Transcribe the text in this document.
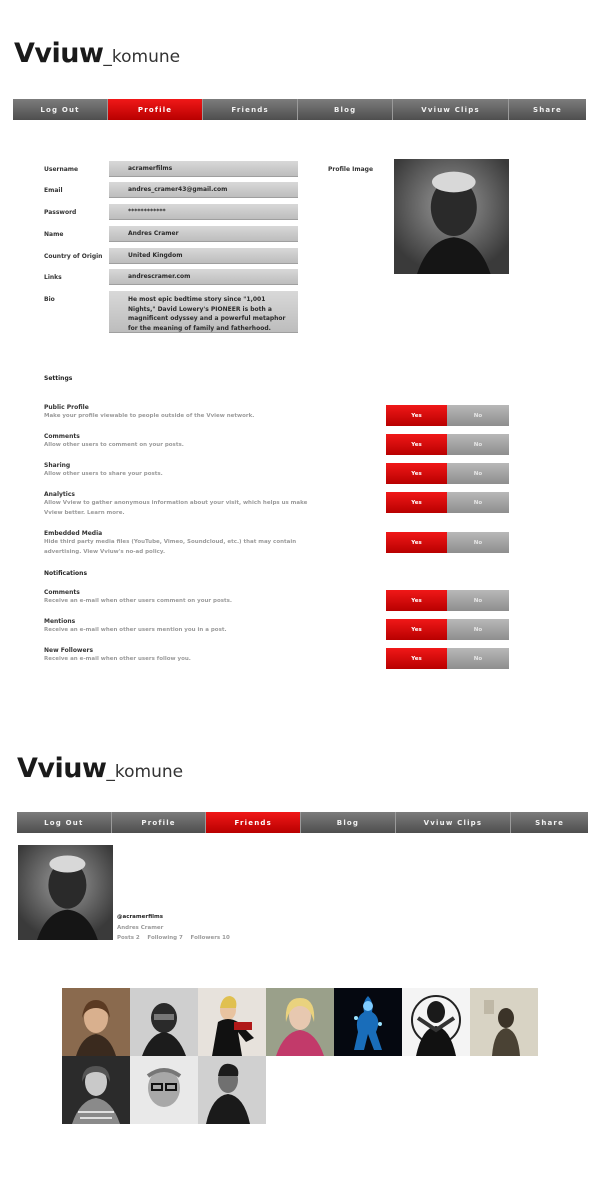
Vviuw _ komune
Log Out	Profile	Friends	Blog	Vviuw Clips	Share
Username	acramerfilms
Email	andres_cramer43@gmail.com
Password	************
Name	Andres Cramer
Country of Origin	United Kingdom
Links	andrescramer.com
Bio	He most epic bedtime story since "1,001 Nights," David Lowery's PIONEER is both a magnificent odyssey and a powerful metaphor for the meaning of family and fatherhood.
Profile Image
Settings
Public Profile
Make your profile viewable to people outside of the Vview network.	Yes	No
Comments
Allow other users to comment on your posts.	Yes	No
Sharing
Allow other users to share your posts.	Yes	No
Analytics
Allow Vview to gather anonymous information about your visit, which helps us make Vview better. Learn more.
Yes	No
Embedded Media
Hide third party media files (YouTube, Vimeo, Soundcloud, etc.) that may contain advertising. View Vviuw's no-ad policy.
Yes	No
Notifications
Comments
Receive an e-mail when other users comment on your posts.	Yes	No
Mentions
Receive an e-mail when other users mention you in a post.	Yes	No
New Followers
Receive an e-mail when other users follow you.	Yes	No
Vviuw _ komune
Log Out	Profile	Friends	Blog	Vviuw Clips	Share
@acramerfilms
Andres Cramer
Posts 2 Following 7 Followers 10
